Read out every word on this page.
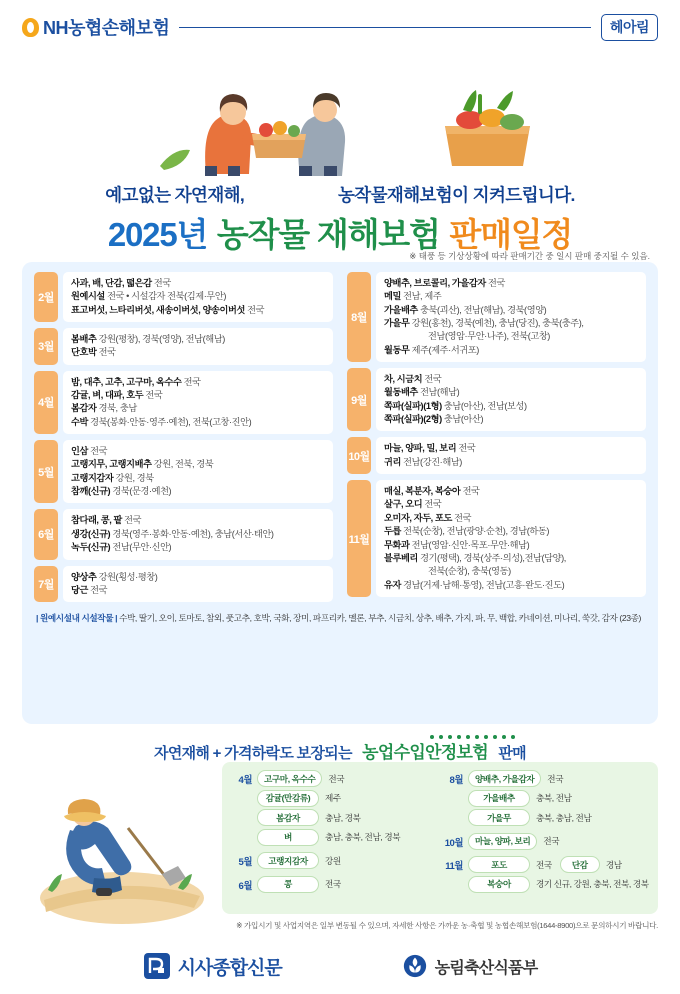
NH농협손해보험	헤아림
예고없는 자연재해,	농작물재해보험이 지켜드립니다.
2025년 농작물 재해보험 판매일정
※ 태풍 등 기상상황에 따라 판매기간 중 일시 판매 중지될 수 있음.
2월
사과, 배, 단감, 떫은감 전국
원예시설 전국 • 시설감자 전북(김제·무안)
표고버섯, 느타리버섯, 새송이버섯, 양송이버섯 전국
3월
봄배추 강원(평창), 경북(영양), 전남(해남)
단호박 전국
4월
밤, 대추, 고추, 고구마, 옥수수 전국
감귤, 벼, 대파, 호두 전국
봄감자 경북, 충남
수박 경북(봉화·안동·영주·예천), 전북(고창·진안)
5월
인삼 전국
고랭지무, 고랭지배추 강원, 전북, 경북
고랭지감자 강원, 경북
참깨(신규) 경북(문경·예천)
6월
참다래, 콩, 팥 전국
생강(신규) 경북(영주·봉화·안동·예천), 충남(서산·태안)
녹두(신규) 전남(무안·신안)
7월
양상추 강원(횡성·평창)
당근 전국
8월
양배추, 브로콜리, 가을감자 전국
메밀 전남, 제주
가을배추 충북(괴산), 전남(해남), 경북(영양)
가을무 강원(홍천), 경북(예천), 충남(당진), 충북(충주),
전남(영암·무안·나주), 전북(고창)
월동무 제주(제주·서귀포)
9월
차, 시금치 전국
월동배추 전남(해남)
쪽파(실파)(1형) 충남(아산), 전남(보성)
쪽파(실파)(2형) 충남(아산)
10월
마늘, 양파, 밀, 보리 전국
귀리 전남(강진·해남)
11월
매실, 복분자, 복숭아 전국
살구, 오디 전국
오미자, 자두, 포도 전국
두릅 전북(순창), 전남(광양·순천), 경남(하동)
무화과 전남(영암·신안·목포·무안·해남)
블루베리 경기(평택), 경북(상주·의성),전남(담양),
전북(순창), 충북(영동)
유자 경남(거제·남해·통영), 전남(고흥·완도·진도)
| 원예시설내 시설작물 | 수박, 딸기, 오이, 토마토, 참외, 풋고추, 호박, 국화, 장미, 파프리카, 멜론, 부추, 시금치, 상추, 배추, 가지, 파, 무, 백합, 카네이션, 미나리, 쑥갓, 감자 (23종)
자연재해 + 가격하락도 보장되는 농업수입안정보험 판매
4월	고구마, 옥수수	전국
감귤(만감류)	제주
봄감자	충남, 경북
벼	충남, 충북, 전남, 경북
5월	고랭지감자	강원
6월	콩	전국
8월	양배추, 가을감자	전국
가을배추	충북, 전남
가을무	충북, 충남, 전남
10월	마늘, 양파, 보리	전국
11월	포도	전국	단감	경남
복숭아	경기 신규, 강원, 충북, 전북, 경북
※ 가입시기 및 사업지역은 일부 변동될 수 있으며, 자세한 사항은 가까운 농·축협 및 농협손해보험(1644-8900)으로 문의하시기 바랍니다.
시사종합신문	농림축산식품부
